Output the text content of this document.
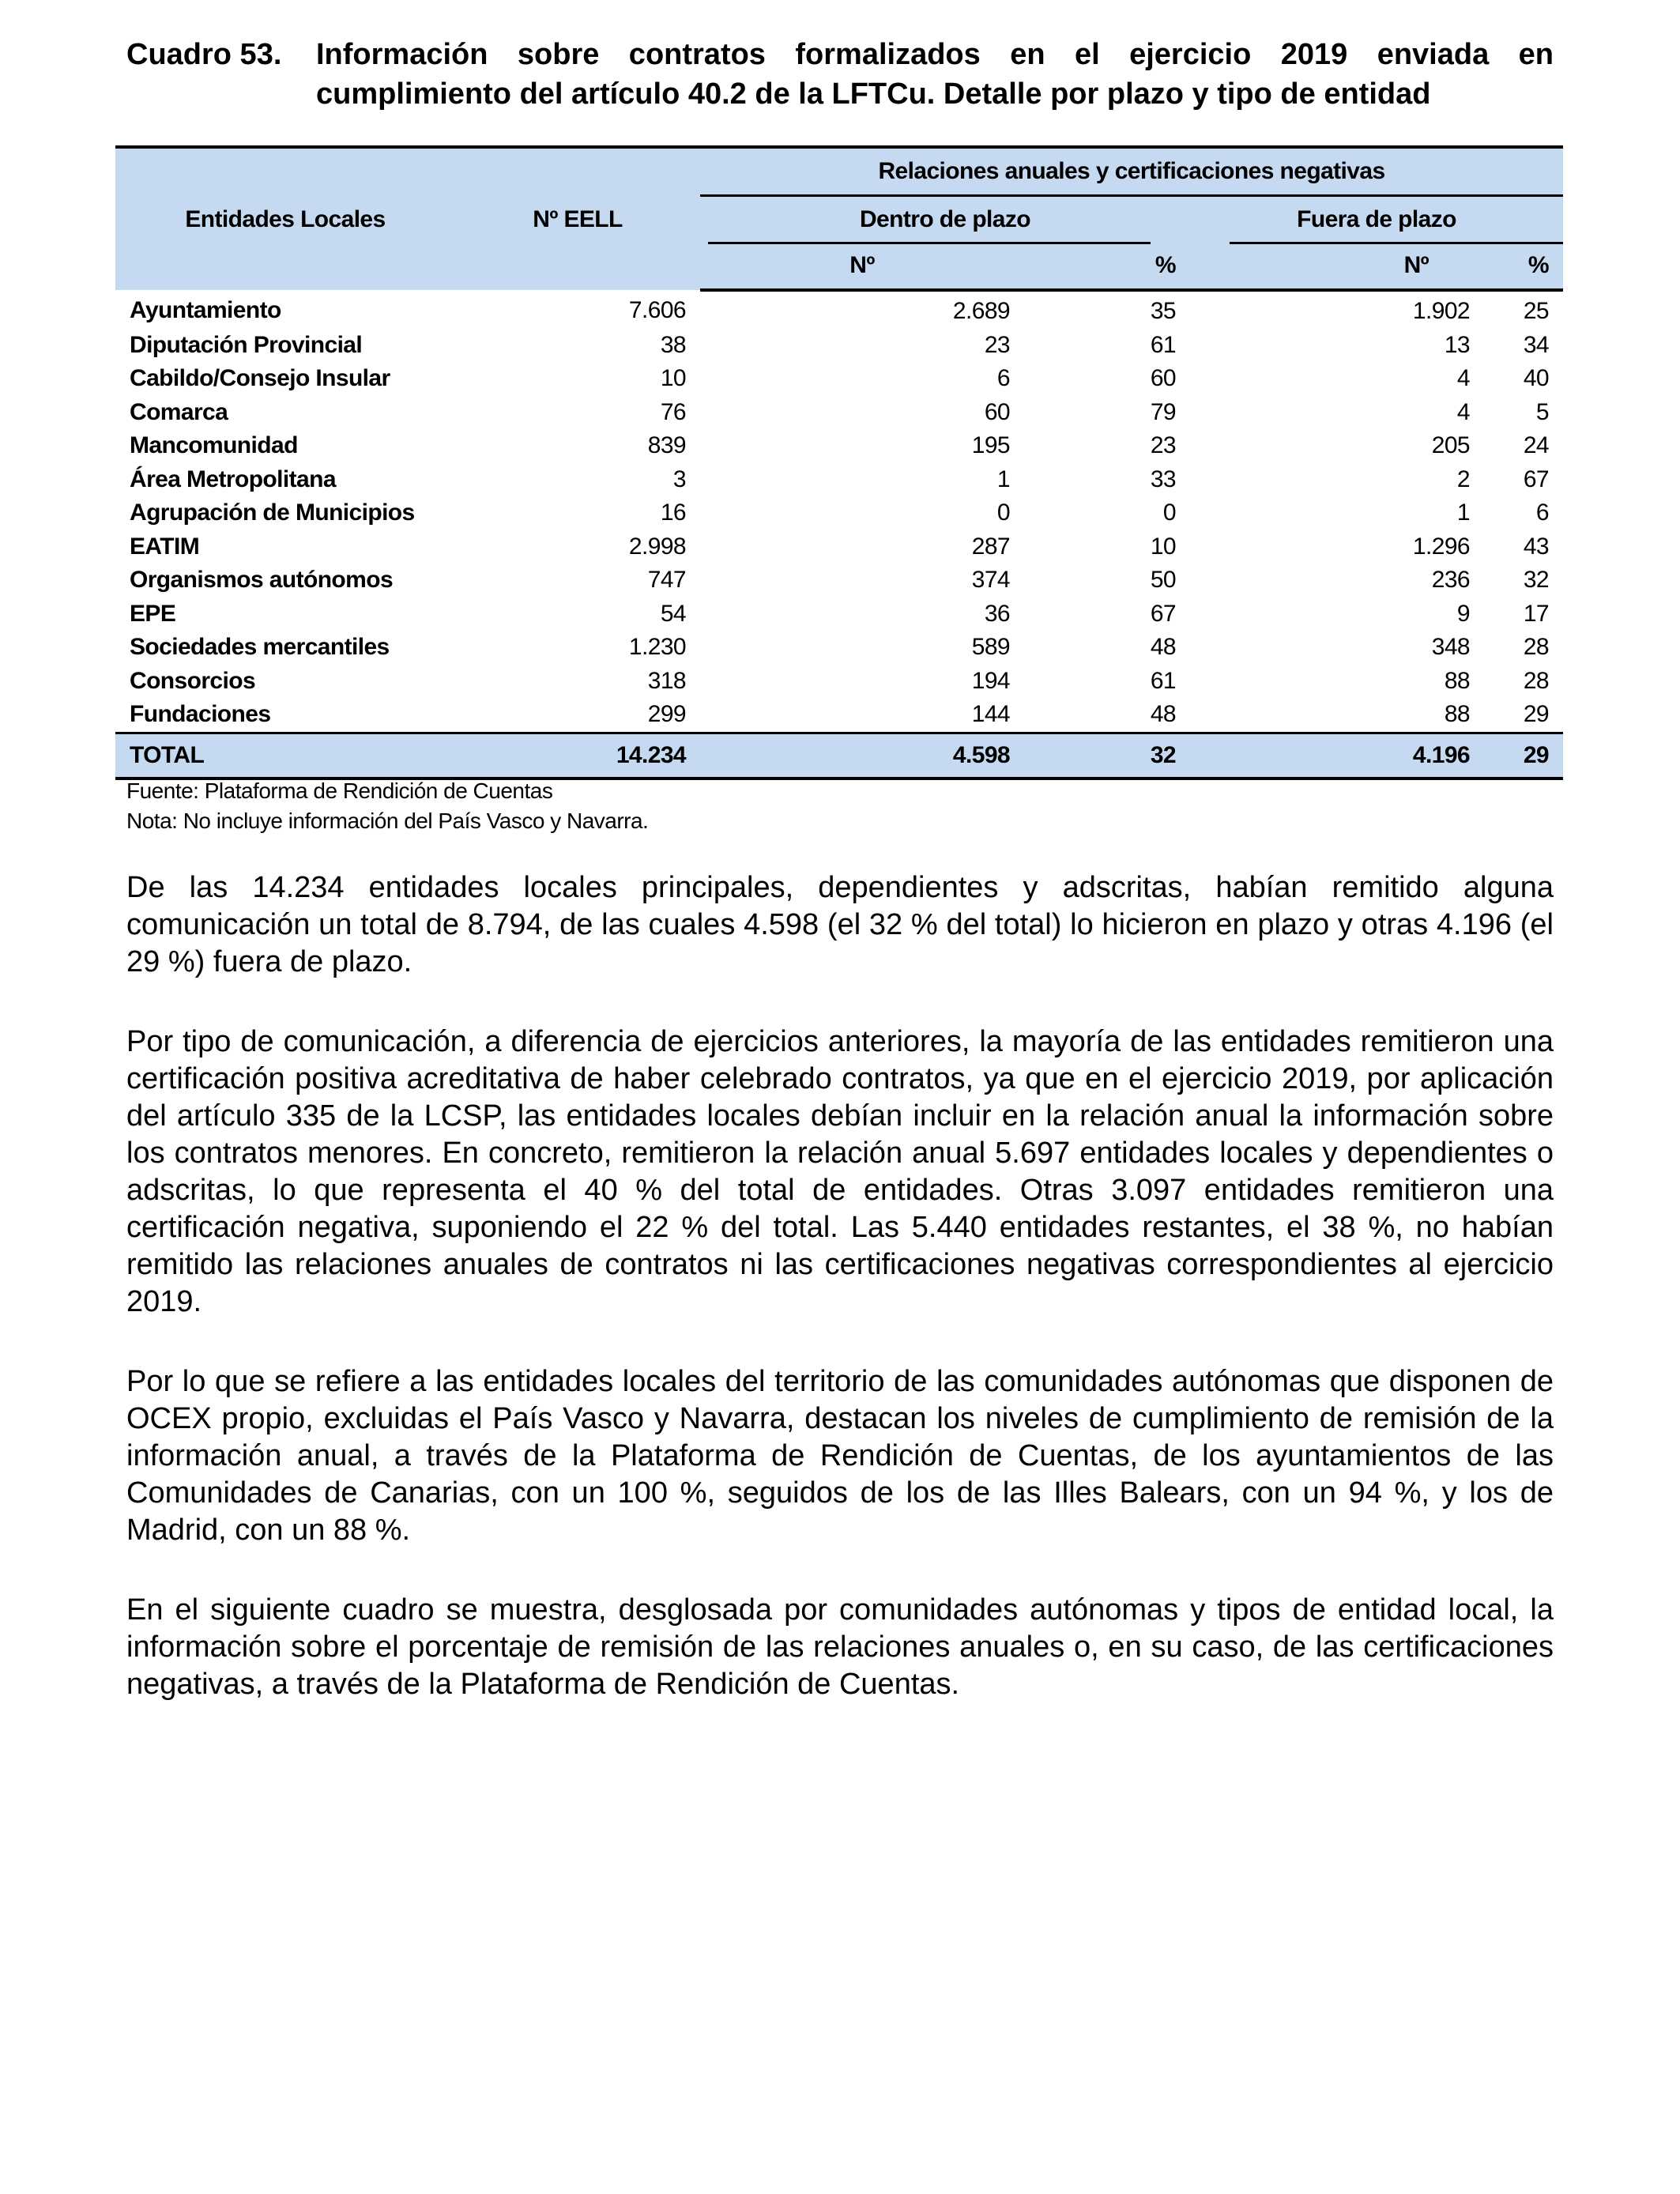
Cuadro 53.	Información sobre contratos formalizados en el ejercicio 2019 enviada en
cumplimiento del artículo 40.2 de la LFTCu. Detalle por plazo y tipo de entidad
Entidades Locales	Nº EELL	Relaciones anuales y certificaciones negativas			
		Dentro de plazo		Fuera de plazo	
		Nº	%	Nº	%
Ayuntamiento	7.606	2.689	35	1.902	25
Diputación Provincial	38	23	61	13	34
Cabildo/Consejo Insular	10	6	60	4	40
Comarca	76	60	79	4	5
Mancomunidad	839	195	23	205	24
Área Metropolitana	3	1	33	2	67
Agrupación de Municipios	16	0	0	1	6
EATIM	2.998	287	10	1.296	43
Organismos autónomos	747	374	50	236	32
EPE	54	36	67	9	17
Sociedades mercantiles	1.230	589	48	348	28
Consorcios	318	194	61	88	28
Fundaciones	299	144	48	88	29
TOTAL	14.234	4.598	32	4.196	29
Fuente: Plataforma de Rendición de Cuentas
Nota: No incluye información del País Vasco y Navarra.

De las 14.234 entidades locales principales, dependientes y adscritas, habían remitido alguna comunicación un total de 8.794, de las cuales 4.598 (el 32 % del total) lo hicieron en plazo y otras 4.196 (el 29 %) fuera de plazo.

Por tipo de comunicación, a diferencia de ejercicios anteriores, la mayoría de las entidades remitieron una certificación positiva acreditativa de haber celebrado contratos, ya que en el ejercicio 2019, por aplicación del artículo 335 de la LCSP, las entidades locales debían incluir en la relación anual la información sobre los contratos menores. En concreto, remitieron la relación anual 5.697 entidades locales y dependientes o adscritas, lo que representa el 40 % del total de entidades. Otras 3.097 entidades remitieron una certificación negativa, suponiendo el 22 % del total. Las 5.440 entidades restantes, el 38 %, no habían remitido las relaciones anuales de contratos ni las certificaciones negativas correspondientes al ejercicio 2019.

Por lo que se refiere a las entidades locales del territorio de las comunidades autónomas que disponen de OCEX propio, excluidas el País Vasco y Navarra, destacan los niveles de cumplimiento de remisión de la información anual, a través de la Plataforma de Rendición de Cuentas, de los ayuntamientos de las Comunidades de Canarias, con un 100 %, seguidos de los de las Illes Balears, con un 94 %, y los de Madrid, con un 88 %.

En el siguiente cuadro se muestra, desglosada por comunidades autónomas y tipos de entidad local, la información sobre el porcentaje de remisión de las relaciones anuales o, en su caso, de las certificaciones negativas, a través de la Plataforma de Rendición de Cuentas.
